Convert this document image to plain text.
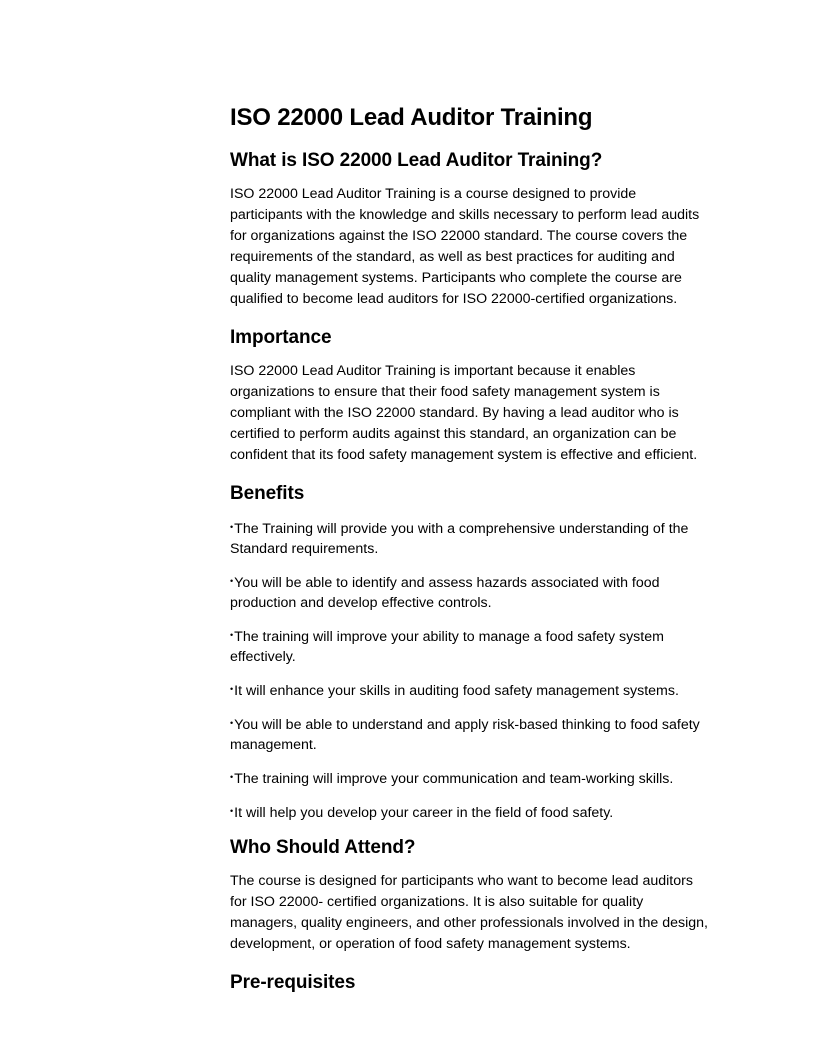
ISO 22000 Lead Auditor Training
What is ISO 22000 Lead Auditor Training?

ISO 22000 Lead Auditor Training is a course designed to provide participants with the knowledge and skills necessary to perform lead audits for organizations against the ISO 22000 standard. The course covers the requirements of the standard, as well as best practices for auditing and quality management systems. Participants who complete the course are qualified to become lead auditors for ISO 22000-certified organizations.

Importance

ISO 22000 Lead Auditor Training is important because it enables organizations to ensure that their food safety management system is compliant with the ISO 22000 standard. By having a lead auditor who is certified to perform audits against this standard, an organization can be confident that its food safety management system is effective and efficient.

Benefits
•The Training will provide you with a comprehensive understanding of the Standard requirements.
•You will be able to identify and assess hazards associated with food production and develop effective controls.
•The training will improve your ability to manage a food safety system effectively.
•It will enhance your skills in auditing food safety management systems.
•You will be able to understand and apply risk-based thinking to food safety management.
•The training will improve your communication and team-working skills.
•It will help you develop your career in the field of food safety.
Who Should Attend?

The course is designed for participants who want to become lead auditors for ISO 22000- certified organizations. It is also suitable for quality managers, quality engineers, and other professionals involved in the design, development, or operation of food safety management systems.

Pre-requisites
